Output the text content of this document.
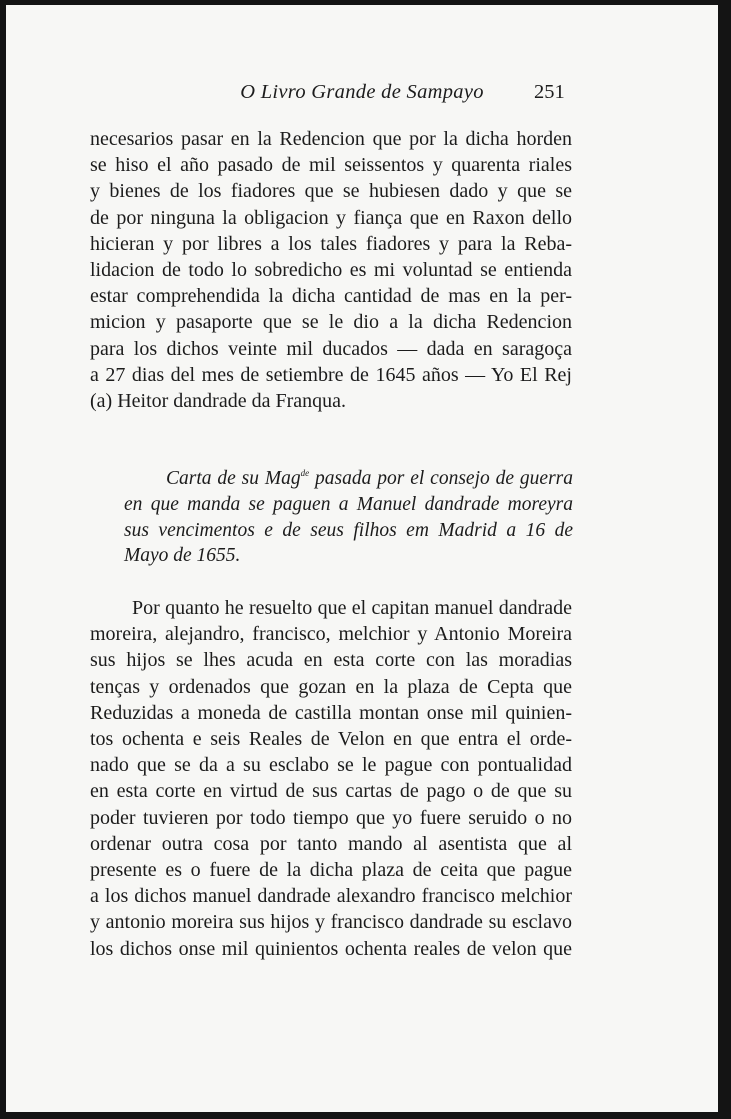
O Livro Grande de Sampayo	251
necesarios pasar en la Redencion que por la dicha horden
se hiso el año pasado de mil seissentos y quarenta riales
y bienes de los fiadores que se hubiesen dado y que se
de por ninguna la obligacion y fiança que en Raxon dello
hicieran y por libres a los tales fiadores y para la Reba-
lidacion de todo lo sobredicho es mi voluntad se entienda
estar comprehendida la dicha cantidad de mas en la per-
micion y pasaporte que se le dio a la dicha Redencion
para los dichos veinte mil ducados — dada en saragoça
a 27 dias del mes de setiembre de 1645 años — Yo El Rej
(a) Heitor dandrade da Franqua.
Carta de su Mag$^{de}$ pasada por el consejo de guerra
en que manda se paguen a Manuel dandrade moreyra
sus vencimentos e de seus filhos em Madrid a 16 de
Mayo de 1655.
Por quanto he resuelto que el capitan manuel dandrade
moreira, alejandro, francisco, melchior y Antonio Moreira
sus hijos se lhes acuda en esta corte con las moradias
tenças y ordenados que gozan en la plaza de Cepta que
Reduzidas a moneda de castilla montan onse mil quinien-
tos ochenta e seis Reales de Velon en que entra el orde-
nado que se da a su esclabo se le pague con pontualidad
en esta corte en virtud de sus cartas de pago o de que su
poder tuvieren por todo tiempo que yo fuere seruido o no
ordenar outra cosa por tanto mando al asentista que al
presente es o fuere de la dicha plaza de ceita que pague
a los dichos manuel dandrade alexandro francisco melchior
y antonio moreira sus hijos y francisco dandrade su esclavo
los dichos onse mil quinientos ochenta reales de velon que
